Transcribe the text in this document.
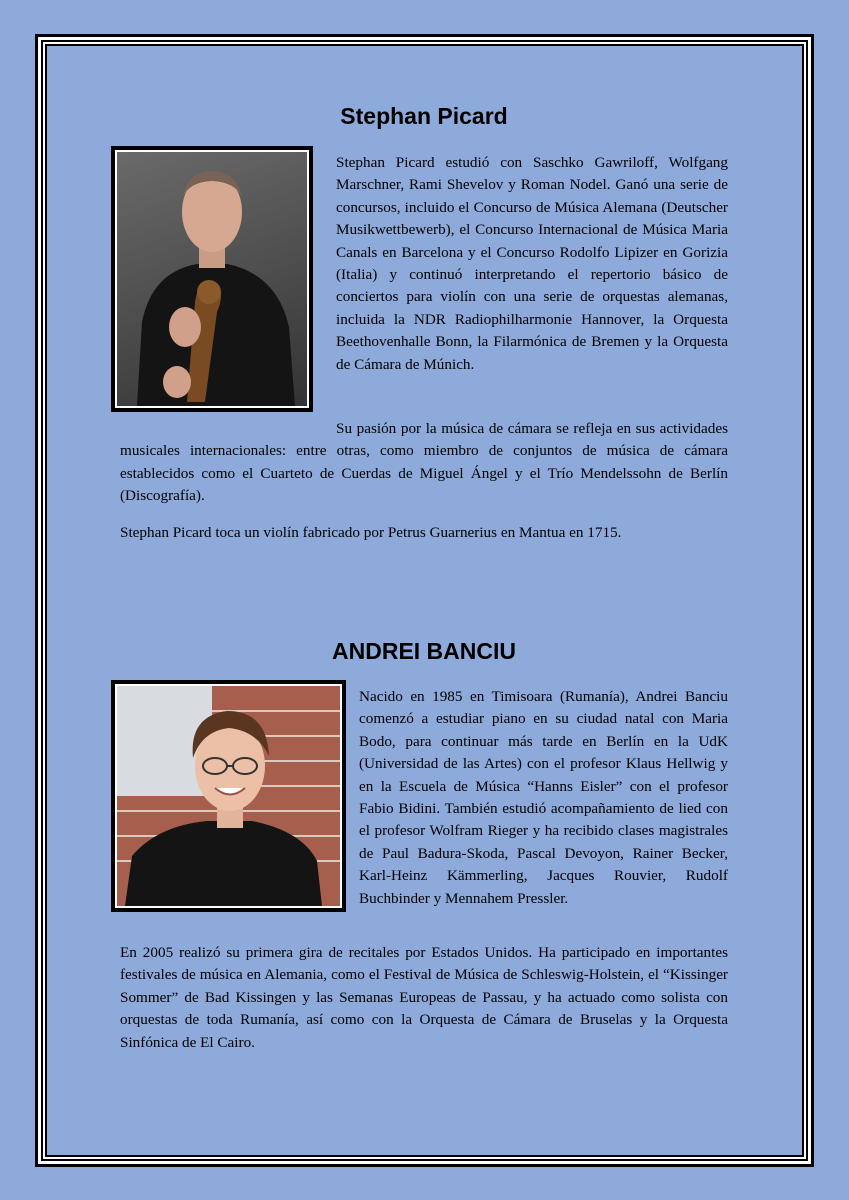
Stephan Picard

Stephan Picard estudió con Saschko Gawriloff, Wolfgang Marschner, Rami Shevelov y Roman Nodel. Ganó una serie de concursos, incluido el Concurso de Música Alemana (Deutscher Musikwettbewerb), el Concurso Internacional de Música Maria Canals en Barcelona y el Concurso Rodolfo Lipizer en Gorizia (Italia) y continuó interpretando el repertorio básico de conciertos para violín con una serie de orquestas alemanas, incluida la NDR Radiophilharmonie Hannover, la Orquesta Beethovenhalle Bonn, la Filarmónica de Bremen y la Orquesta de Cámara de Múnich.

Su pasión por la música de cámara se refleja en sus actividades musicales internacionales: entre otras, como miembro de conjuntos de música de cámara establecidos como el Cuarteto de Cuerdas de Miguel Ángel y el Trío Mendelssohn de Berlín (Discografía).

Stephan Picard toca un violín fabricado por Petrus Guarnerius en Mantua en 1715.

ANDREI BANCIU

Nacido en 1985 en Timisoara (Rumanía), Andrei Banciu comenzó a estudiar piano en su ciudad natal con Maria Bodo, para continuar más tarde en Berlín en la UdK (Universidad de las Artes) con el profesor Klaus Hellwig y en la Escuela de Música “Hanns Eisler” con el profesor Fabio Bidini. También estudió acompañamiento de lied con el profesor Wolfram Rieger y ha recibido clases magistrales de Paul Badura-Skoda, Pascal Devoyon, Rainer Becker, Karl-Heinz Kämmerling, Jacques Rouvier, Rudolf Buchbinder y Mennahem Pressler.

En 2005 realizó su primera gira de recitales por Estados Unidos. Ha participado en importantes festivales de música en Alemania, como el Festival de Música de Schleswig-Holstein, el “Kissinger Sommer” de Bad Kissingen y las Semanas Europeas de Passau, y ha actuado como solista con orquestas de toda Rumanía, así como con la Orquesta de Cámara de Bruselas y la Orquesta Sinfónica de El Cairo.
